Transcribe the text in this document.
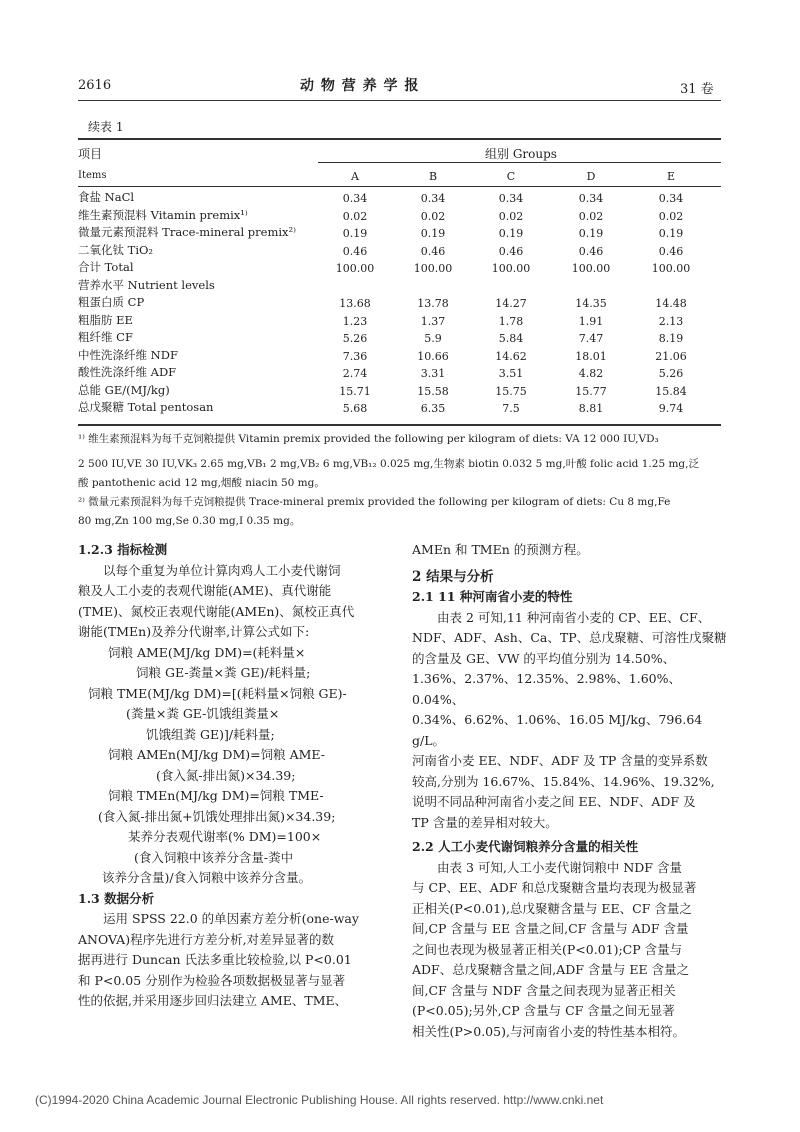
2616	动 物 营 养 学 报	31 卷
续表 1
项目	组别 Groups
Items	A	B	C	D	E
食盐 NaCl	0.34	0.34	0.34	0.34	0.34
维生素预混料 Vitamin premix¹⁾	0.02	0.02	0.02	0.02	0.02
微量元素预混料 Trace-mineral premix²⁾	0.19	0.19	0.19	0.19	0.19
二氧化钛 TiO₂	0.46	0.46	0.46	0.46	0.46
合计 Total	100.00	100.00	100.00	100.00	100.00
营养水平 Nutrient levels
粗蛋白质 CP	13.68	13.78	14.27	14.35	14.48
粗脂肪 EE	1.23	1.37	1.78	1.91	2.13
粗纤维 CF	5.26	5.9	5.84	7.47	8.19
中性洗涤纤维 NDF	7.36	10.66	14.62	18.01	21.06
酸性洗涤纤维 ADF	2.74	3.31	3.51	4.82	5.26
总能 GE/(MJ/kg)	15.71	15.58	15.75	15.77	15.84
总戊聚糖 Total pentosan	5.68	6.35	7.5	8.81	9.74
¹⁾ 维生素预混料为每千克饲粮提供 Vitamin premix provided the following per kilogram of diets: VA 12 000 IU,VD₃
2 500 IU,VE 30 IU,VK₃ 2.65 mg,VB₁ 2 mg,VB₂ 6 mg,VB₁₂ 0.025 mg,生物素 biotin 0.032 5 mg,叶酸 folic acid 1.25 mg,泛
酸 pantothenic acid 12 mg,烟酸 niacin 50 mg。
²⁾ 微量元素预混料为每千克饲粮提供 Trace-mineral premix provided the following per kilogram of diets: Cu 8 mg,Fe
80 mg,Zn 100 mg,Se 0.30 mg,I 0.35 mg。
1.2.3 指标检测
以每个重复为单位计算肉鸡人工小麦代谢饲
粮及人工小麦的表观代谢能(AME)、真代谢能
(TME)、氮校正表观代谢能(AMEn)、氮校正真代
谢能(TMEn)及养分代谢率,计算公式如下:
饲粮 AME(MJ/kg DM)=(耗料量×
饲粮 GE-粪量×粪 GE)/耗料量;
饲粮 TME(MJ/kg DM)=[(耗料量×饲粮 GE)-
(粪量×粪 GE-饥饿组粪量×
饥饿组粪 GE)]/耗料量;
饲粮 AMEn(MJ/kg DM)=饲粮 AME-
(食入氮-排出氮)×34.39;
饲粮 TMEn(MJ/kg DM)=饲粮 TME-
(食入氮-排出氮+饥饿处理排出氮)×34.39;
某养分表观代谢率(% DM)=100×
(食入饲粮中该养分含量-粪中
该养分含量)/食入饲粮中该养分含量。
1.3 数据分析
运用 SPSS 22.0 的单因素方差分析(one-way
ANOVA)程序先进行方差分析,对差异显著的数
据再进行 Duncan 氏法多重比较检验,以 P<0.01
和 P<0.05 分别作为检验各项数据极显著与显著
性的依据,并采用逐步回归法建立 AME、TME、
AMEn 和 TMEn 的预测方程。
2 结果与分析
2.1 11 种河南省小麦的特性
由表 2 可知,11 种河南省小麦的 CP、EE、CF、
NDF、ADF、Ash、Ca、TP、总戊聚糖、可溶性戊聚糖
的含量及 GE、VW 的平均值分别为 14.50%、
1.36%、2.37%、12.35%、2.98%、1.60%、0.04%、
0.34%、6.62%、1.06%、16.05 MJ/kg、796.64 g/L。
河南省小麦 EE、NDF、ADF 及 TP 含量的变异系数
较高,分别为 16.67%、15.84%、14.96%、19.32%,
说明不同品种河南省小麦之间 EE、NDF、ADF 及
TP 含量的差异相对较大。
2.2 人工小麦代谢饲粮养分含量的相关性
由表 3 可知,人工小麦代谢饲粮中 NDF 含量
与 CP、EE、ADF 和总戊聚糖含量均表现为极显著
正相关(P<0.01),总戊聚糖含量与 EE、CF 含量之
间,CP 含量与 EE 含量之间,CF 含量与 ADF 含量
之间也表现为极显著正相关(P<0.01);CP 含量与
ADF、总戊聚糖含量之间,ADF 含量与 EE 含量之
间,CF 含量与 NDF 含量之间表现为显著正相关
(P<0.05);另外,CP 含量与 CF 含量之间无显著
相关性(P>0.05),与河南省小麦的特性基本相符。
(C)1994-2020 China Academic Journal Electronic Publishing House. All rights reserved. http://www.cnki.net
